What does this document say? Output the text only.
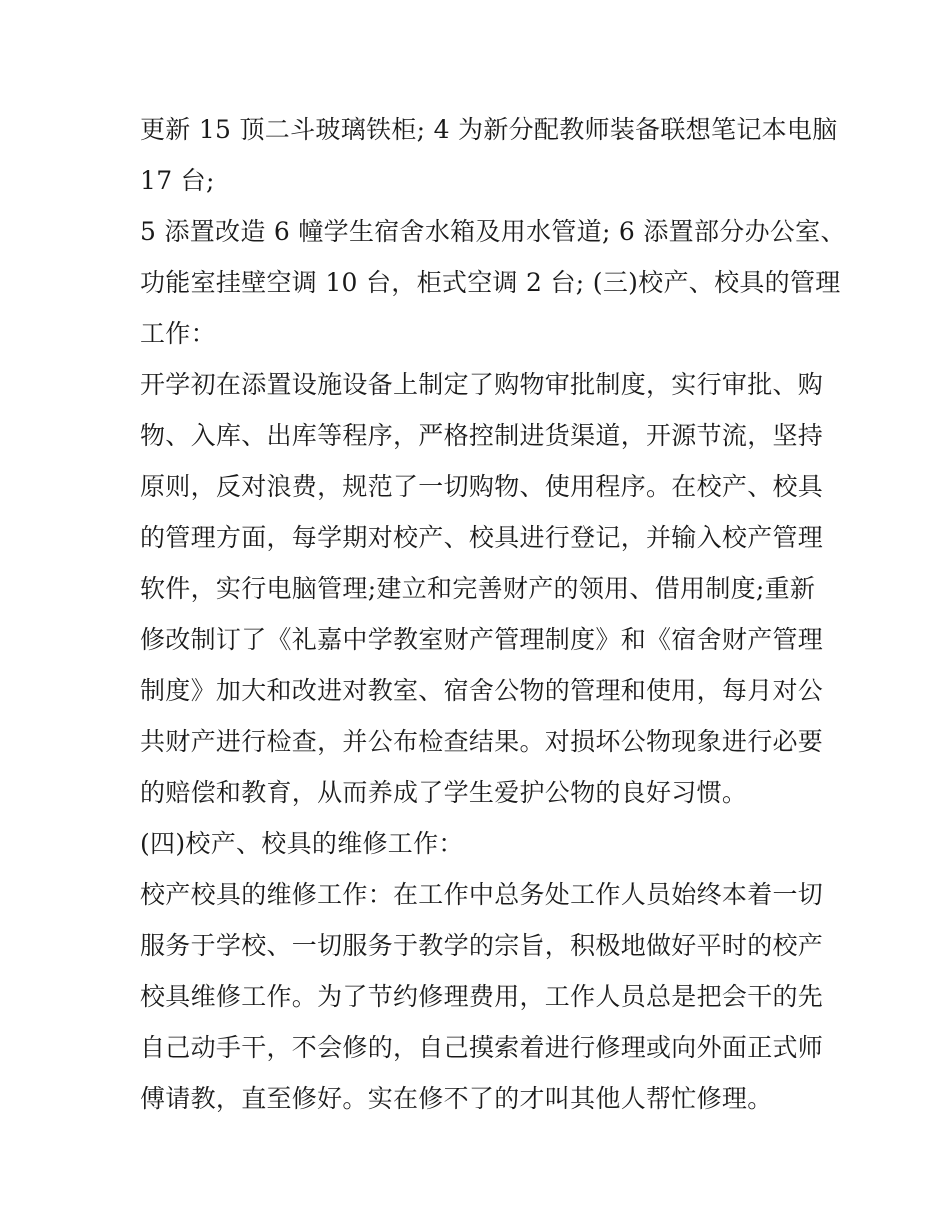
更新 15 顶二斗玻璃铁柜; 4 为新分配教师装备联想笔记本电脑
17 台;
5 添置改造 6 幢学生宿舍水箱及用水管道; 6 添置部分办公室、
功能室挂壁空调 10 台，柜式空调 2 台; (三)校产、校具的管理
工作：
开学初在添置设施设备上制定了购物审批制度，实行审批、购
物、入库、出库等程序，严格控制进货渠道，开源节流，坚持
原则，反对浪费，规范了一切购物、使用程序。在校产、校具
的管理方面，每学期对校产、校具进行登记，并输入校产管理
软件，实行电脑管理;建立和完善财产的领用、借用制度;重新
修改制订了《礼嘉中学教室财产管理制度》和《宿舍财产管理
制度》加大和改进对教室、宿舍公物的管理和使用，每月对公
共财产进行检查，并公布检查结果。对损坏公物现象进行必要
的赔偿和教育，从而养成了学生爱护公物的良好习惯。
(四)校产、校具的维修工作：
校产校具的维修工作：在工作中总务处工作人员始终本着一切
服务于学校、一切服务于教学的宗旨，积极地做好平时的校产
校具维修工作。为了节约修理费用，工作人员总是把会干的先
自己动手干，不会修的，自己摸索着进行修理或向外面正式师
傅请教，直至修好。实在修不了的才叫其他人帮忙修理。
